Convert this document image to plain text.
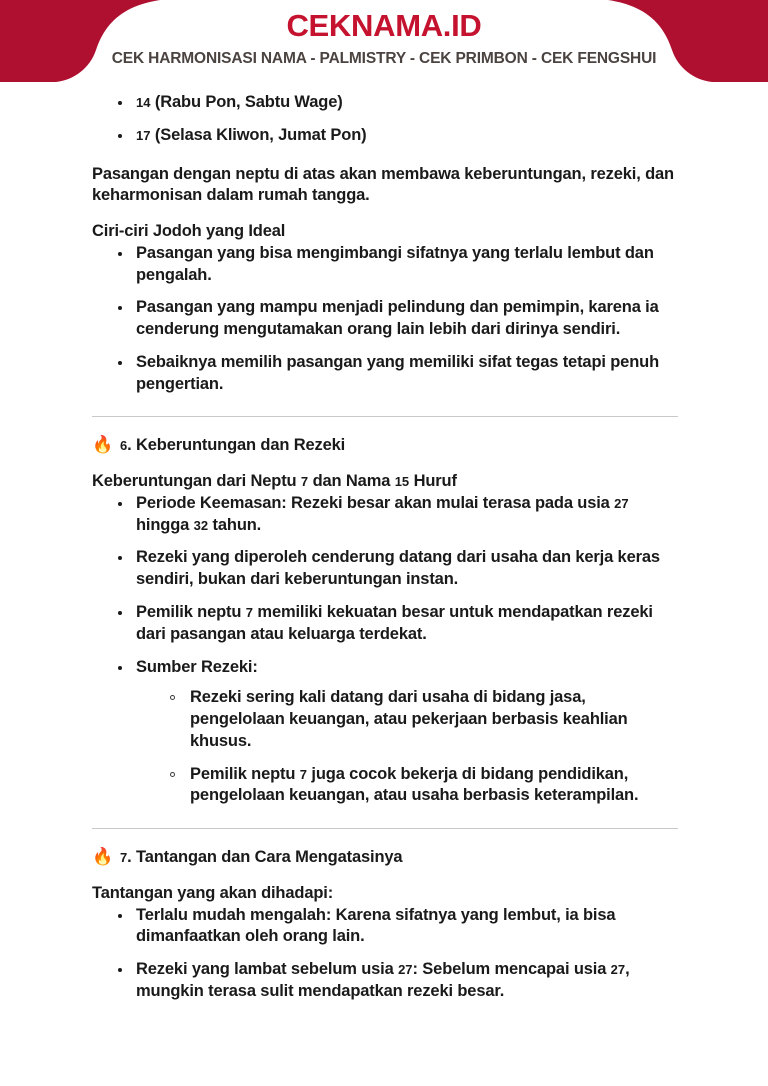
CEKNAMA.ID
CEK HARMONISASI NAMA - PALMISTRY - CEK PRIMBON - CEK FENGSHUI
14 (Rabu Pon, Sabtu Wage)
17 (Selasa Kliwon, Jumat Pon)

Pasangan dengan neptu di atas akan membawa keberuntungan, rezeki, dan keharmonisan dalam rumah tangga.

Ciri-ciri Jodoh yang Ideal

Pasangan yang bisa mengimbangi sifatnya yang terlalu lembut dan pengalah.
Pasangan yang mampu menjadi pelindung dan pemimpin, karena ia cenderung mengutamakan orang lain lebih dari dirinya sendiri.
Sebaiknya memilih pasangan yang memiliki sifat tegas tetapi penuh pengertian.
🔥 6. Keberuntungan dan Rezeki

Keberuntungan dari Neptu 7 dan Nama 15 Huruf

Periode Keemasan: Rezeki besar akan mulai terasa pada usia 27 hingga 32 tahun.
Rezeki yang diperoleh cenderung datang dari usaha dan kerja keras sendiri, bukan dari keberuntungan instan.
Pemilik neptu 7 memiliki kekuatan besar untuk mendapatkan rezeki dari pasangan atau keluarga terdekat.
Sumber Rezeki:
Rezeki sering kali datang dari usaha di bidang jasa, pengelolaan keuangan, atau pekerjaan berbasis keahlian khusus.
Pemilik neptu 7 juga cocok bekerja di bidang pendidikan, pengelolaan keuangan, atau usaha berbasis keterampilan.
🔥 7. Tantangan dan Cara Mengatasinya

Tantangan yang akan dihadapi:

Terlalu mudah mengalah: Karena sifatnya yang lembut, ia bisa dimanfaatkan oleh orang lain.
Rezeki yang lambat sebelum usia 27: Sebelum mencapai usia 27, mungkin terasa sulit mendapatkan rezeki besar.
